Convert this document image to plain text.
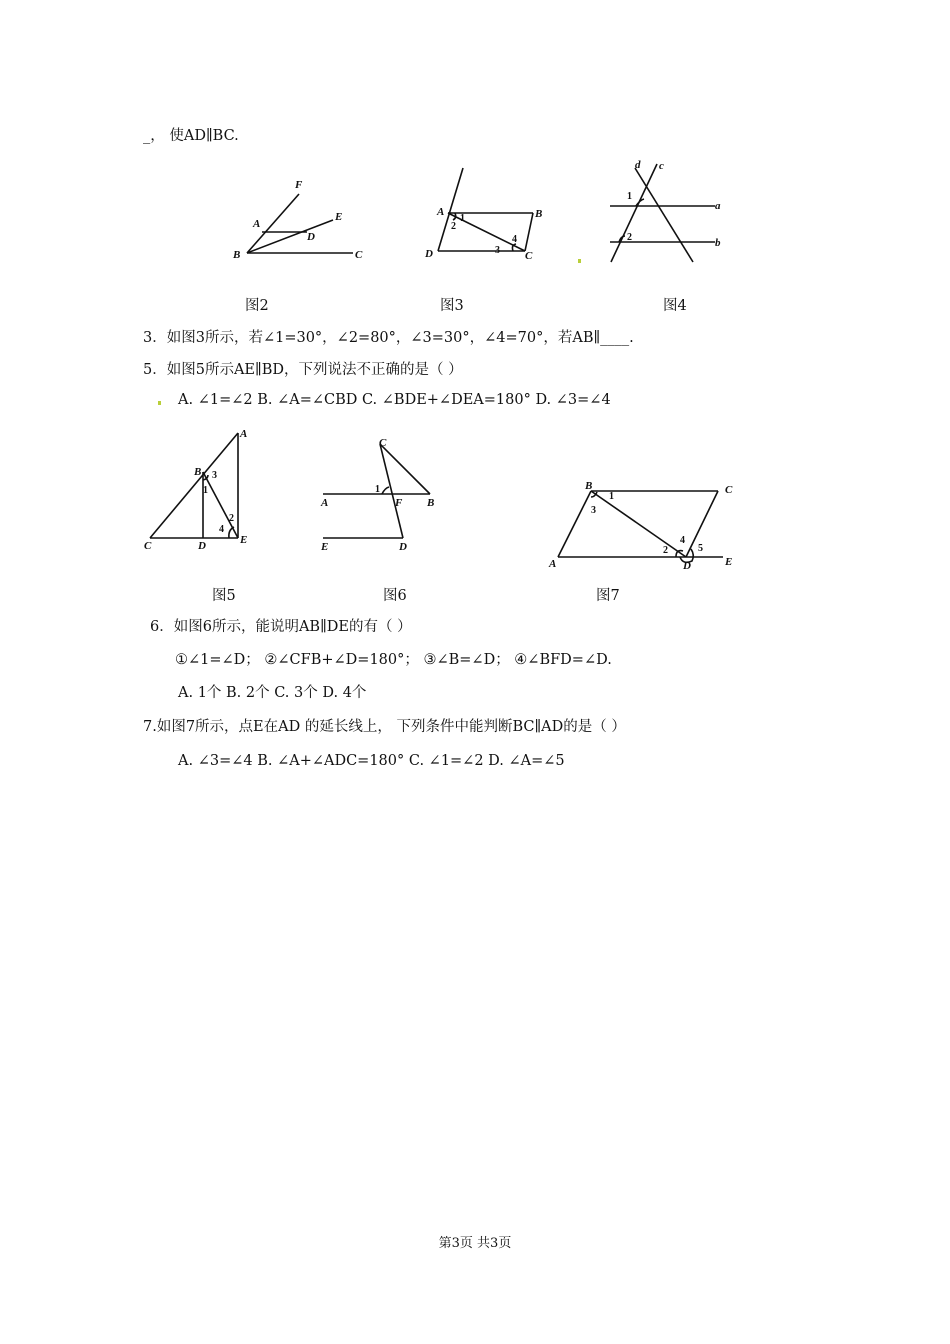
_， 使AD∥BC.
F
A
E
D
B	C
图2
A	B
D	C
1
2
3
4
图3
d c
a
b
1
2
图4
3．如图3所示，若∠1=30°，∠2=80°，∠3=30°，∠4=70°，若AB∥____.
5．如图5所示AE∥BD，下列说法不正确的是（ ）
A. ∠1=∠2 B. ∠A=∠CBD C. ∠BDE+∠DEA=180° D. ∠3=∠4
A
B
C	D	E
1
2
3
4
图5
C
A	F B
E	D
1
图6
B	C
A	D	E
1
2
3
4
5
图7
6．如图6所示，能说明AB∥DE的有（ ）
①∠1=∠D； ②∠CFB+∠D=180°； ③∠B=∠D； ④∠BFD=∠D.
A. 1个 B. 2个 C. 3个 D. 4个
7.如图7所示，点E在AD 的延长线上， 下列条件中能判断BC∥AD的是（ ）
A. ∠3=∠4 B. ∠A+∠ADC=180° C. ∠1=∠2 D. ∠A=∠5
第3页 共3页
